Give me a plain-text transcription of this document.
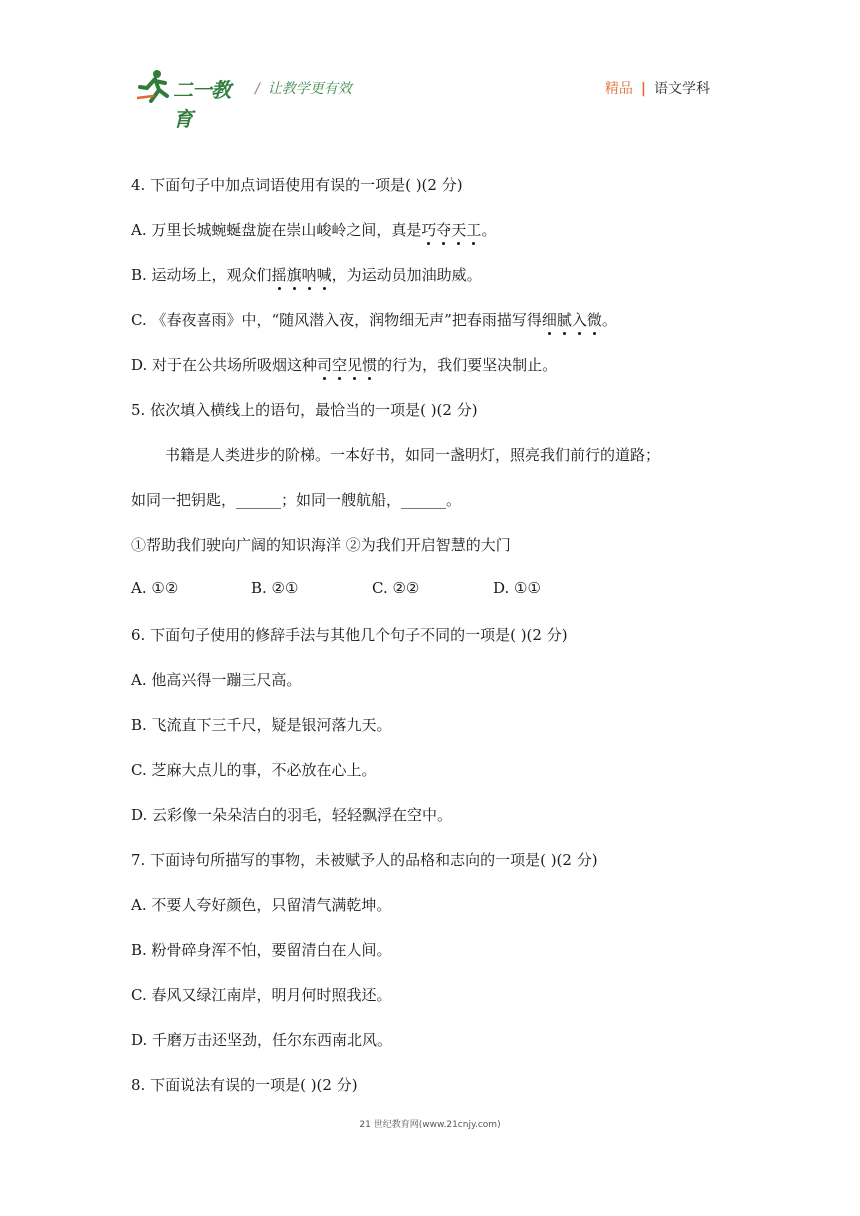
二一教育
/ 让教学更有效	精品 | 语文学科
4. 下面句子中加点词语使用有误的一项是( )(2 分)
A. 万里长城蜿蜒盘旋在崇山峻岭之间，真是巧夺天工。
B. 运动场上，观众们摇旗呐喊，为运动员加油助威。
C. 《春夜喜雨》中，“随风潜入夜，润物细无声”把春雨描写得细腻入微。
D. 对于在公共场所吸烟这种司空见惯的行为，我们要坚决制止。
5. 依次填入横线上的语句，最恰当的一项是( )(2 分)
书籍是人类进步的阶梯。一本好书，如同一盏明灯，照亮我们前行的道路；
如同一把钥匙，______；如同一艘航船，______。
①帮助我们驶向广阔的知识海洋 ②为我们开启智慧的大门
A. ①②	B. ②①	C. ②②	D. ①①
6. 下面句子使用的修辞手法与其他几个句子不同的一项是( )(2 分)
A. 他高兴得一蹦三尺高。
B. 飞流直下三千尺，疑是银河落九天。
C. 芝麻大点儿的事，不必放在心上。
D. 云彩像一朵朵洁白的羽毛，轻轻飘浮在空中。
7. 下面诗句所描写的事物，未被赋予人的品格和志向的一项是( )(2 分)
A. 不要人夸好颜色，只留清气满乾坤。
B. 粉骨碎身浑不怕，要留清白在人间。
C. 春风又绿江南岸，明月何时照我还。
D. 千磨万击还坚劲，任尔东西南北风。
8. 下面说法有误的一项是( )(2 分)
21 世纪教育网(www.21cnjy.com)
